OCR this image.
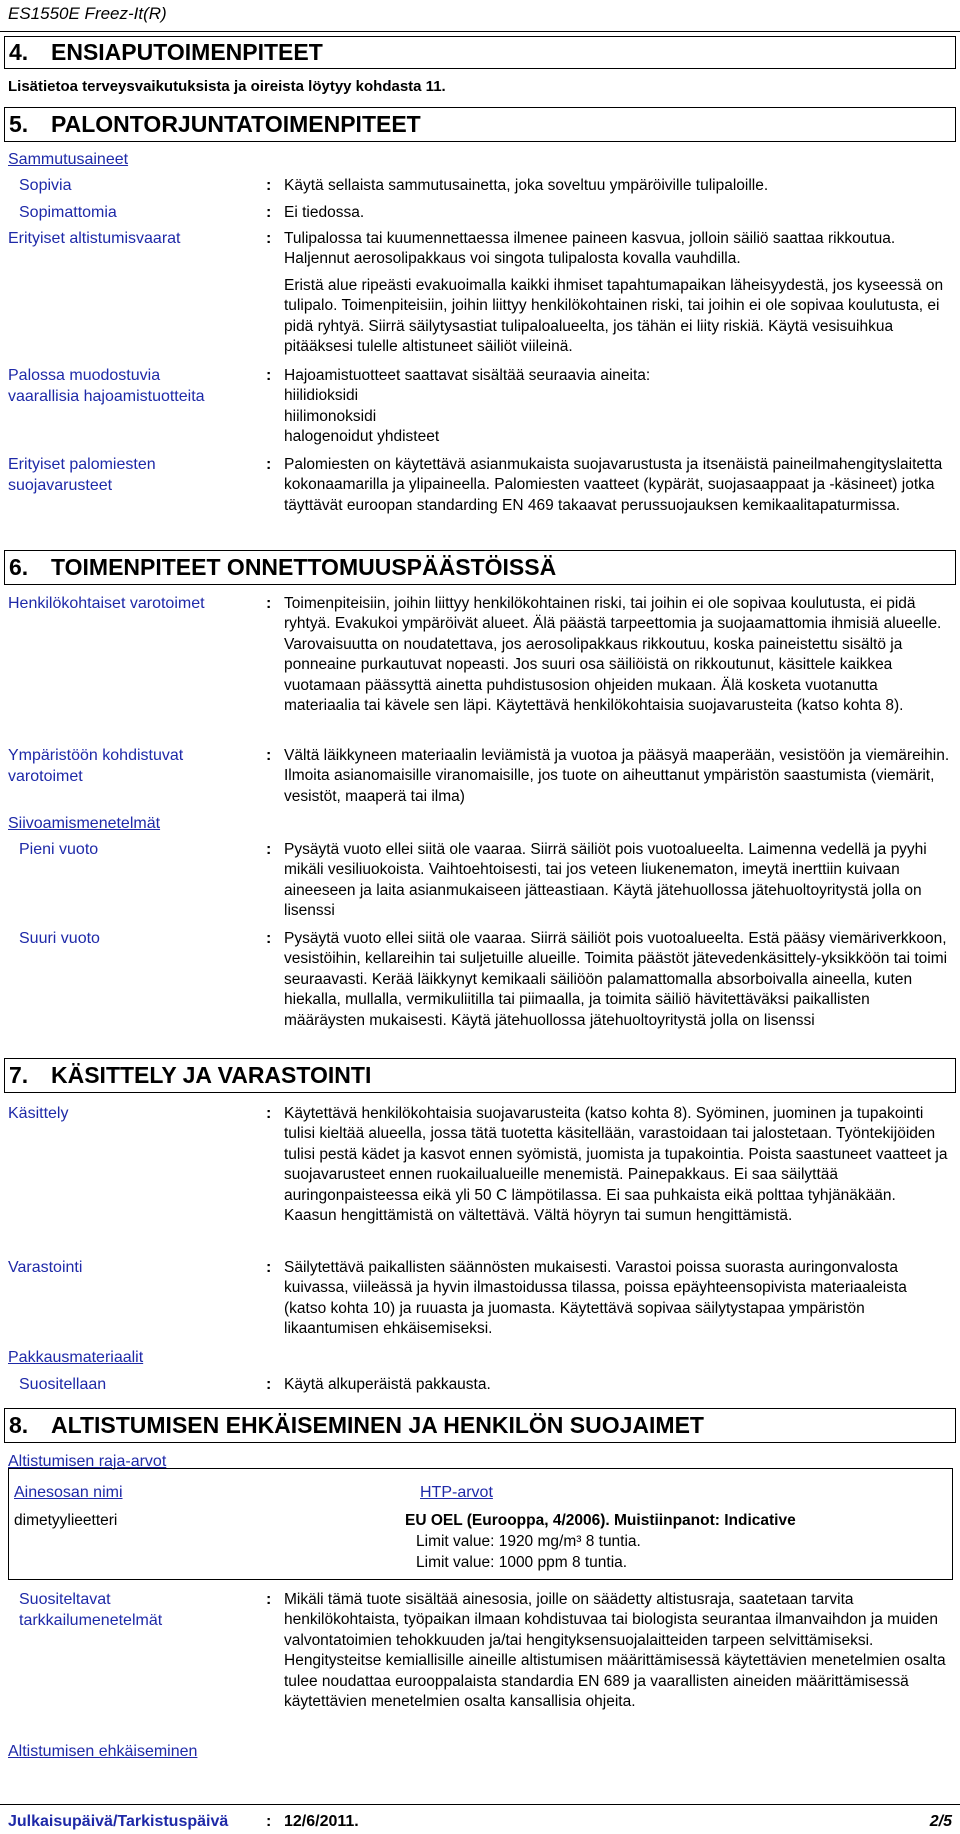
ES1550E Freez-It(R)
4. ENSIAPUTOIMENPITEET
Lisätietoa terveysvaikutuksista ja oireista löytyy kohdasta 11.
5. PALONTORJUNTATOIMENPITEET
Sammutusaineet
Sopivia	: Käytä sellaista sammutusainetta, joka soveltuu ympäröiville tulipaloille.
Sopimattomia	: Ei tiedossa.
Erityiset altistumisvaarat	: Tulipalossa tai kuumennettaessa ilmenee paineen kasvua, jolloin säiliö saattaa rikkoutua. Haljennut aerosolipakkaus voi singota tulipalosta kovalla vauhdilla.

Eristä alue ripeästi evakuoimalla kaikki ihmiset tapahtumapaikan läheisyydestä, jos kyseessä on tulipalo. Toimenpiteisiin, joihin liittyy henkilökohtainen riski, tai joihin ei ole sopivaa koulutusta, ei pidä ryhtyä. Siirrä säilytysastiat tulipaloalueelta, jos tähän ei liity riskiä. Käytä vesisuihkua pitääksesi tulelle altistuneet säiliöt viileinä.

Palossa muodostuvia
vaarallisia hajoamistuotteita
: Hajoamistuotteet saattavat sisältää seuraavia aineita:
hiilidioksidi
hiilimonoksidi
halogenoidut yhdisteet
Erityiset palomiesten
suojavarusteet
: Palomiesten on käytettävä asianmukaista suojavarustusta ja itsenäistä paineilmahengityslaitetta kokonaamarilla ja ylipaineella. Palomiesten vaatteet (kypärät, suojasaappaat ja -käsineet) jotka täyttävät euroopan standarding EN 469 takaavat perussuojauksen kemikaalitapaturmissa.
6. TOIMENPITEET ONNETTOMUUSPÄÄSTÖISSÄ
Henkilökohtaiset varotoimet	: Toimenpiteisiin, joihin liittyy henkilökohtainen riski, tai joihin ei ole sopivaa koulutusta, ei pidä ryhtyä. Evakukoi ympäröivät alueet. Älä päästä tarpeettomia ja suojaamattomia ihmisiä alueelle. Varovaisuutta on noudatettava, jos aerosolipakkaus rikkoutuu, koska paineistettu sisältö ja ponneaine purkautuvat nopeasti. Jos suuri osa säiliöistä on rikkoutunut, käsittele kaikkea vuotamaan päässyttä ainetta puhdistusosion ohjeiden mukaan. Älä kosketa vuotanutta materiaalia tai kävele sen läpi. Käytettävä henkilökohtaisia suojavarusteita (katso kohta 8).
Ympäristöön kohdistuvat
varotoimet
: Vältä läikkyneen materiaalin leviämistä ja vuotoa ja pääsyä maaperään, vesistöön ja viemäreihin. Ilmoita asianomaisille viranomaisille, jos tuote on aiheuttanut ympäristön saastumista (viemärit, vesistöt, maaperä tai ilma)
Siivoamismenetelmät
Pieni vuoto	: Pysäytä vuoto ellei siitä ole vaaraa. Siirrä säiliöt pois vuotoalueelta. Laimenna vedellä ja pyyhi mikäli vesiliuokoista. Vaihtoehtoisesti, tai jos veteen liukenematon, imeytä inerttiin kuivaan aineeseen ja laita asianmukaiseen jätteastiaan. Käytä jätehuollossa jätehuoltoyritystä jolla on lisenssi
Suuri vuoto	: Pysäytä vuoto ellei siitä ole vaaraa. Siirrä säiliöt pois vuotoalueelta. Estä pääsy viemäriverkkoon, vesistöihin, kellareihin tai suljetuille alueille. Toimita päästöt jätevedenkäsittely-yksikköön tai toimi seuraavasti. Kerää läikkynyt kemikaali säiliöön palamattomalla absorboivalla aineella, kuten hiekalla, mullalla, vermikuliitilla tai piimaalla, ja toimita säiliö hävitettäväksi paikallisten määräysten mukaisesti. Käytä jätehuollossa jätehuoltoyritystä jolla on lisenssi
7. KÄSITTELY JA VARASTOINTI
Käsittely	: Käytettävä henkilökohtaisia suojavarusteita (katso kohta 8). Syöminen, juominen ja tupakointi tulisi kieltää alueella, jossa tätä tuotetta käsitellään, varastoidaan tai jalostetaan. Työntekijöiden tulisi pestä kädet ja kasvot ennen syömistä, juomista ja tupakointia. Poista saastuneet vaatteet ja suojavarusteet ennen ruokailualueille menemistä. Painepakkaus. Ei saa säilyttää auringonpaisteessa eikä yli 50 C lämpötilassa. Ei saa puhkaista eikä polttaa tyhjänäkään. Kaasun hengittämistä on vältettävä. Vältä höyryn tai sumun hengittämistä.
Varastointi	: Säilytettävä paikallisten säännösten mukaisesti. Varastoi poissa suorasta auringonvalosta kuivassa, viileässä ja hyvin ilmastoidussa tilassa, poissa epäyhteensopivista materiaaleista (katso kohta 10) ja ruuasta ja juomasta. Käytettävä sopivaa säilytystapaa ympäristön likaantumisen ehkäisemiseksi.
Pakkausmateriaalit
Suositellaan	: Käytä alkuperäistä pakkausta.
8. ALTISTUMISEN EHKÄISEMINEN JA HENKILÖN SUOJAIMET
Altistumisen raja-arvot
Ainesosan nimi	HTP-arvot
dimetyylieetteri	EU OEL (Eurooppa, 4/2006). Muistiinpanot: Indicative
Limit value: 1920 mg/m³ 8 tuntia.
Limit value: 1000 ppm 8 tuntia.
Suositeltavat
tarkkailumenetelmät
: Mikäli tämä tuote sisältää ainesosia, joille on säädetty altistusraja, saatetaan tarvita henkilökohtaista, työpaikan ilmaan kohdistuvaa tai biologista seurantaa ilmanvaihdon ja muiden valvontatoimien tehokkuuden ja/tai hengityksensuojalaitteiden tarpeen selvittämiseksi. Hengitysteitse kemiallisille aineille altistumisen määrittämisessä käytettävien menetelmien osalta tulee noudattaa eurooppalaista standardia EN 689 ja vaarallisten aineiden määrittämisessä käytettävien menetelmien osalta kansallisia ohjeita.
Altistumisen ehkäiseminen
Julkaisupäivä/Tarkistuspäivä : 12/6/2011.	2/5
